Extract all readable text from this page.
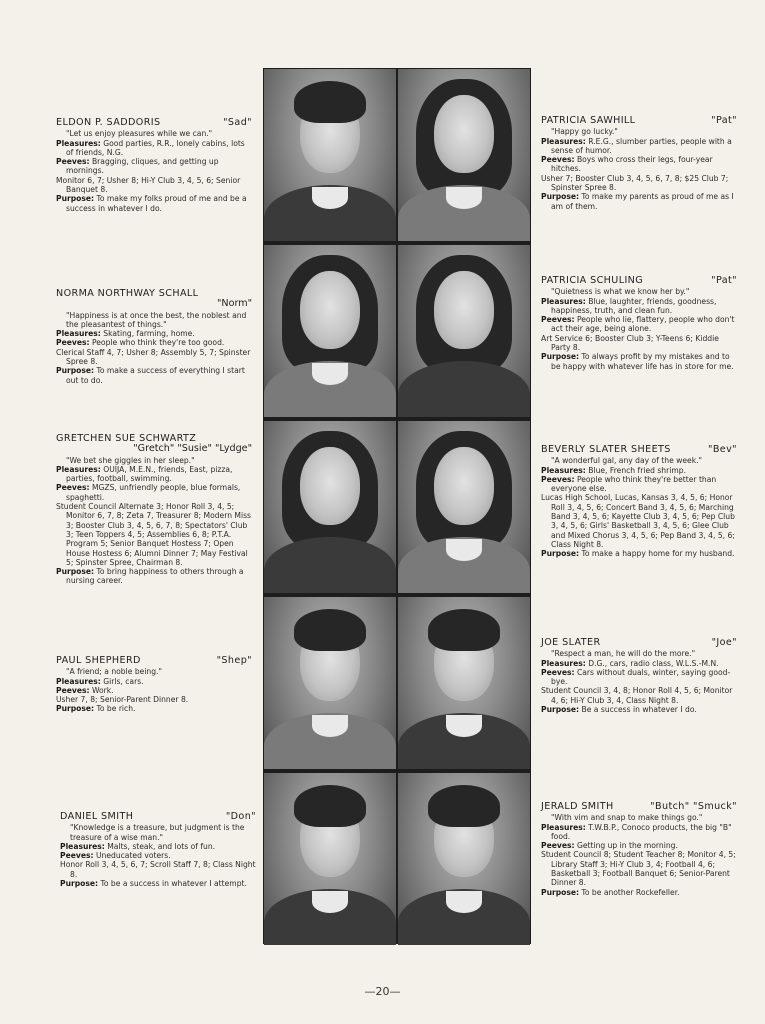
ELDON P. SADDORIS	"Sad"
"Let us enjoy pleasures while we can."
Pleasures: Good parties, R.R., lonely cabins, lots of friends, N.G.
Peeves: Bragging, cliques, and getting up mornings.
Monitor 6, 7; Usher 8; Hi-Y Club 3, 4, 5, 6; Senior Banquet 8.
Purpose: To make my folks proud of me and be a success in whatever I do.
NORMA NORTHWAY SCHALL
"Norm"
"Happiness is at once the best, the noblest and the pleasantest of things."
Pleasures: Skating, farming, home.
Peeves: People who think they're too good.
Clerical Staff 4, 7; Usher 8; Assembly 5, 7; Spinster Spree 8.
Purpose: To make a success of everything I start out to do.
GRETCHEN SUE SCHWARTZ
"Gretch" "Susie" "Lydge"
"We bet she giggles in her sleep."
Pleasures: OUIJA, M.E.N., friends, East, pizza, parties, football, swimming.
Peeves: MGZS, unfriendly people, blue formals, spaghetti.
Student Council Alternate 3; Honor Roll 3, 4, 5; Monitor 6, 7, 8; Zeta 7, Treasurer 8; Modern Miss 3; Booster Club 3, 4, 5, 6, 7, 8; Spectators' Club 3; Teen Toppers 4, 5; Assemblies 6, 8; P.T.A. Program 5; Senior Banquet Hostess 7; Open House Hostess 6; Alumni Dinner 7; May Festival 5; Spinster Spree, Chairman 8.
Purpose: To bring happiness to others through a nursing career.
PAUL SHEPHERD	"Shep"
"A friend; a noble being."
Pleasures: Girls, cars.
Peeves: Work.
Usher 7, 8; Senior-Parent Dinner 8.
Purpose: To be rich.
DANIEL SMITH	"Don"
"Knowledge is a treasure, but judgment is the treasure of a wise man."
Pleasures: Malts, steak, and lots of fun.
Peeves: Uneducated voters.
Honor Roll 3, 4, 5, 6, 7; Scroll Staff 7, 8; Class Night 8.
Purpose: To be a success in whatever I attempt.
PATRICIA SAWHILL	"Pat"
"Happy go lucky."
Pleasures: R.E.G., slumber parties, people with a sense of humor.
Peeves: Boys who cross their legs, four-year hitches.
Usher 7; Booster Club 3, 4, 5, 6, 7, 8; $25 Club 7; Spinster Spree 8.
Purpose: To make my parents as proud of me as I am of them.
PATRICIA SCHULING	"Pat"
"Quietness is what we know her by."
Pleasures: Blue, laughter, friends, goodness, happiness, truth, and clean fun.
Peeves: People who lie, flattery, people who don't act their age, being alone.
Art Service 6; Booster Club 3; Y-Teens 6; Kiddie Party 8.
Purpose: To always profit by my mistakes and to be happy with whatever life has in store for me.
BEVERLY SLATER SHEETS	"Bev"
"A wonderful gal, any day of the week."
Pleasures: Blue, French fried shrimp.
Peeves: People who think they're better than everyone else.
Lucas High School, Lucas, Kansas 3, 4, 5, 6; Honor Roll 3, 4, 5, 6; Concert Band 3, 4, 5, 6; Marching Band 3, 4, 5, 6; Kayette Club 3, 4, 5, 6; Pep Club 3, 4, 5, 6; Girls' Basketball 3, 4, 5, 6; Glee Club and Mixed Chorus 3, 4, 5, 6; Pep Band 3, 4, 5, 6; Class Night 8.
Purpose: To make a happy home for my husband.
JOE SLATER	"Joe"
"Respect a man, he will do the more."
Pleasures: D.G., cars, radio class, W.L.S.-M.N.
Peeves: Cars without duals, winter, saying good-bye.
Student Council 3, 4, 8; Honor Roll 4, 5, 6; Monitor 4, 6; Hi-Y Club 3, 4, Class Night 8.
Purpose: Be a success in whatever I do.
JERALD SMITH	"Butch" "Smuck"
"With vim and snap to make things go."
Pleasures: T.W.B.P., Conoco products, the big "B" food.
Peeves: Getting up in the morning.
Student Council 8; Student Teacher 8; Monitor 4, 5; Library Staff 3; Hi-Y Club 3, 4; Football 4, 6; Basketball 3; Football Banquet 6; Senior-Parent Dinner 8.
Purpose: To be another Rockefeller.
—20—
